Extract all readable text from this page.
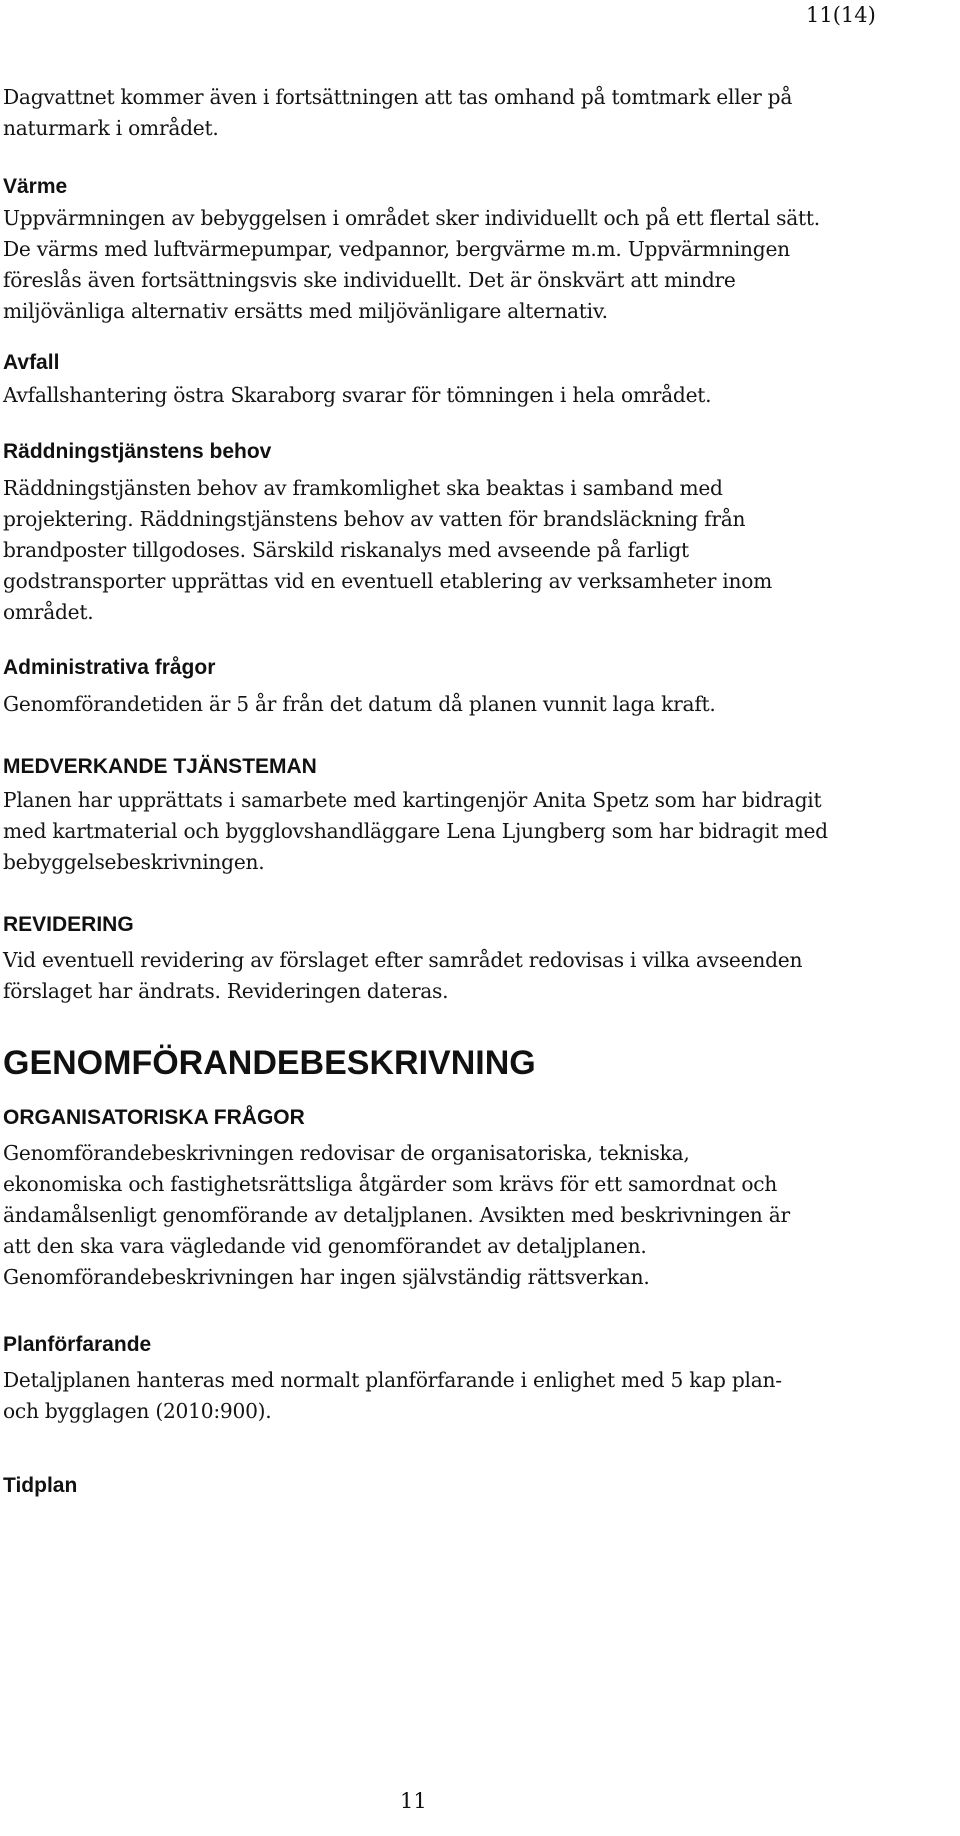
11(14)

Dagvattnet kommer även i fortsättningen att tas omhand på tomtmark eller på naturmark i området.

Värme

Uppvärmningen av bebyggelsen i området sker individuellt och på ett flertal sätt. De värms med luftvärmepumpar, vedpannor, bergvärme m.m. Uppvärmningen föreslås även fortsättningsvis ske individuellt. Det är önskvärt att mindre miljövänliga alternativ ersätts med miljövänligare alternativ.

Avfall

Avfallshantering östra Skaraborg svarar för tömningen i hela området.

Räddningstjänstens behov

Räddningstjänsten behov av framkomlighet ska beaktas i samband med projektering. Räddningstjänstens behov av vatten för brandsläckning från brandposter tillgodoses. Särskild riskanalys med avseende på farligt godstransporter upprättas vid en eventuell etablering av verksamheter inom området.

Administrativa frågor

Genomförandetiden är 5 år från det datum då planen vunnit laga kraft.

MEDVERKANDE TJÄNSTEMAN

Planen har upprättats i samarbete med kartingenjör Anita Spetz som har bidragit med kartmaterial och bygglovshandläggare Lena Ljungberg som har bidragit med bebyggelsebeskrivningen.

REVIDERING

Vid eventuell revidering av förslaget efter samrådet redovisas i vilka avseenden förslaget har ändrats. Revideringen dateras.

GENOMFÖRANDEBESKRIVNING
ORGANISATORISKA FRÅGOR

Genomförandebeskrivningen redovisar de organisatoriska, tekniska, ekonomiska och fastighetsrättsliga åtgärder som krävs för ett samordnat och ändamålsenligt genomförande av detaljplanen. Avsikten med beskrivningen är att den ska vara vägledande vid genomförandet av detaljplanen. Genomförandebeskrivningen har ingen självständig rättsverkan.

Planförfarande

Detaljplanen hanteras med normalt planförfarande i enlighet med 5 kap plan- och bygglagen (2010:900).

Tidplan
11
